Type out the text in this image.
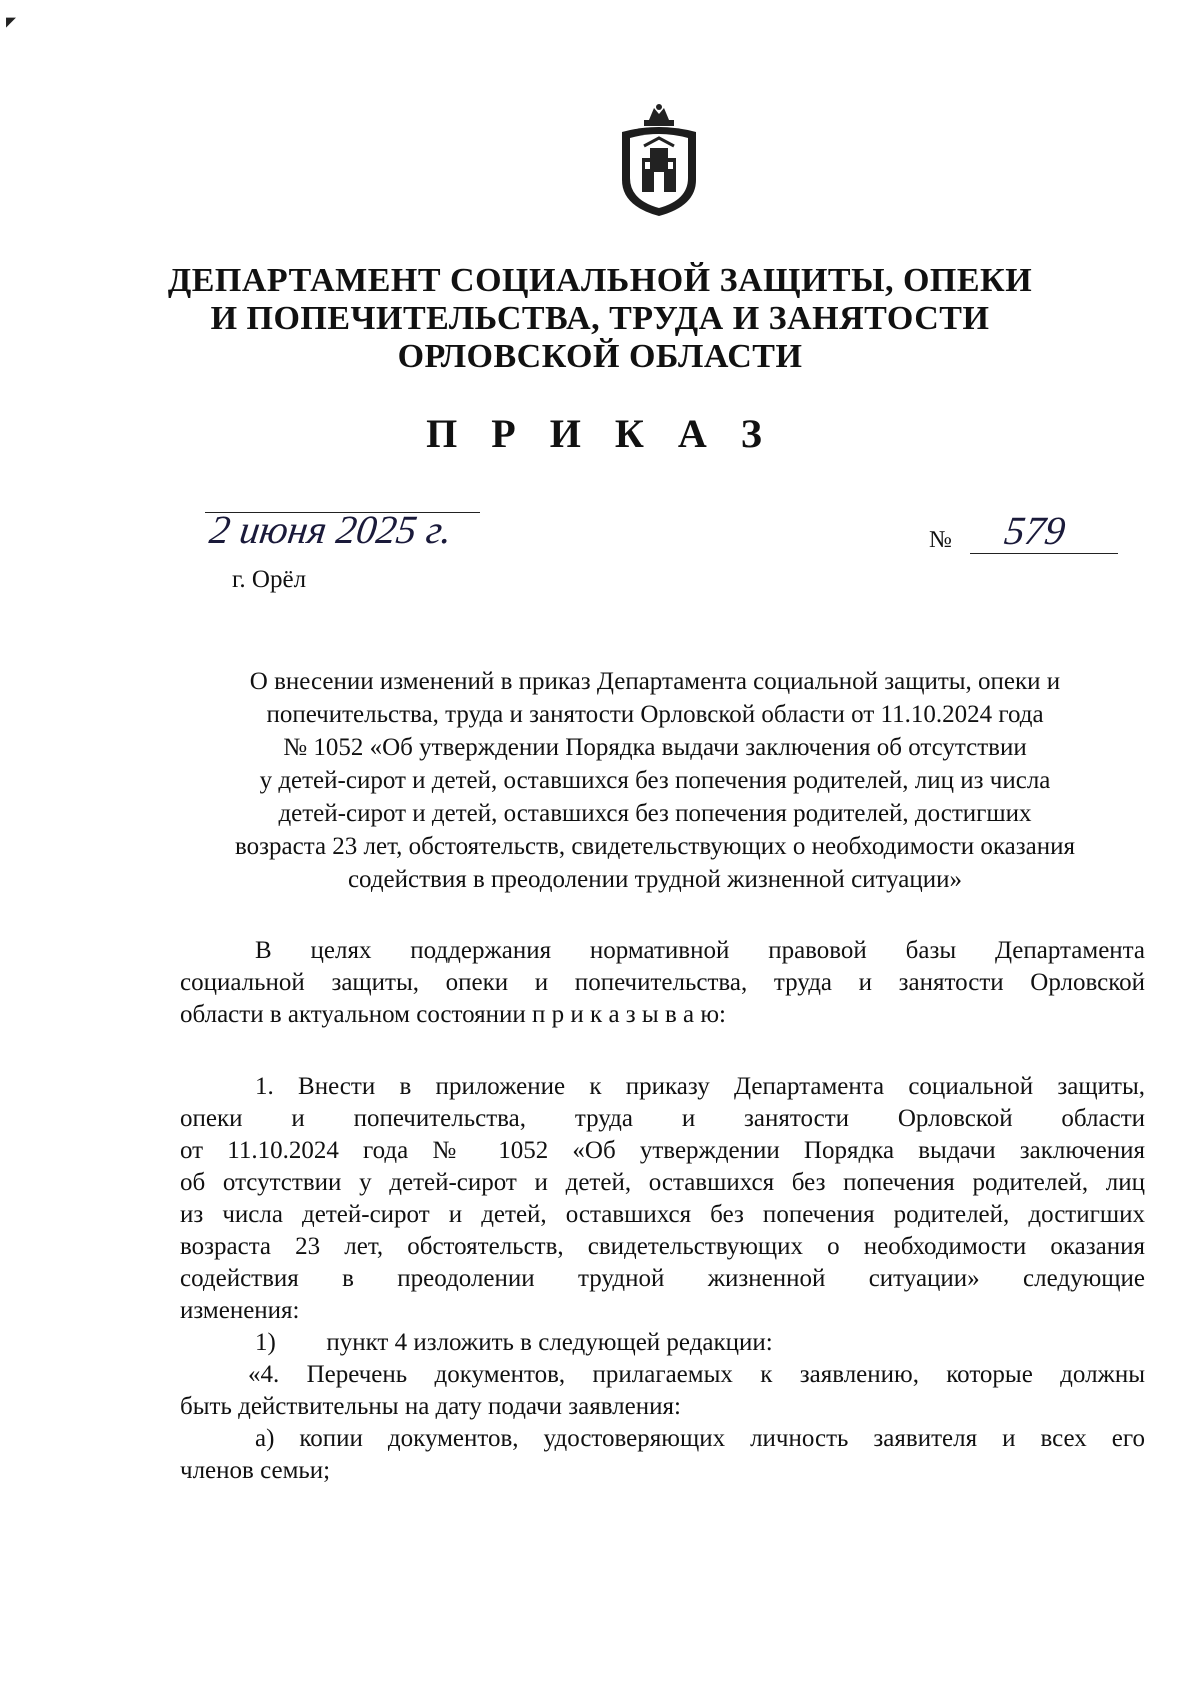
◤
ДЕПАРТАМЕНТ СОЦИАЛЬНОЙ ЗАЩИТЫ, ОПЕКИ
И ПОПЕЧИТЕЛЬСТВА, ТРУДА И ЗАНЯТОСТИ
ОРЛОВСКОЙ ОБЛАСТИ
П Р И К А З
2 июня 2025 г.	№ 579
г. Орёл
О внесении изменений в приказ Департамента социальной защиты, опеки и
попечительства, труда и занятости Орловской области от 11.10.2024 года
№ 1052 «Об утверждении Порядка выдачи заключения об отсутствии
у детей-сирот и детей, оставшихся без попечения родителей, лиц из числа
детей-сирот и детей, оставшихся без попечения родителей, достигших
возраста 23 лет, обстоятельств, свидетельствующих о необходимости оказания
содействия в преодолении трудной жизненной ситуации»
В целях поддержания нормативной правовой базы Департамента
социальной защиты, опеки и попечительства, труда и занятости Орловской
области в актуальном состоянии п р и к а з ы в а ю:
1. Внести в приложение к приказу Департамента социальной защиты,
опеки и попечительства, труда и занятости Орловской области
от 11.10.2024 года № 1052 «Об утверждении Порядка выдачи заключения
об отсутствии у детей-сирот и детей, оставшихся без попечения родителей, лиц
из числа детей-сирот и детей, оставшихся без попечения родителей, достигших
возраста 23 лет, обстоятельств, свидетельствующих о необходимости оказания
содействия в преодолении трудной жизненной ситуации» следующие
изменения:
1) пункт 4 изложить в следующей редакции:
«4. Перечень документов, прилагаемых к заявлению, которые должны
быть действительны на дату подачи заявления:
а) копии документов, удостоверяющих личность заявителя и всех его
членов семьи;
